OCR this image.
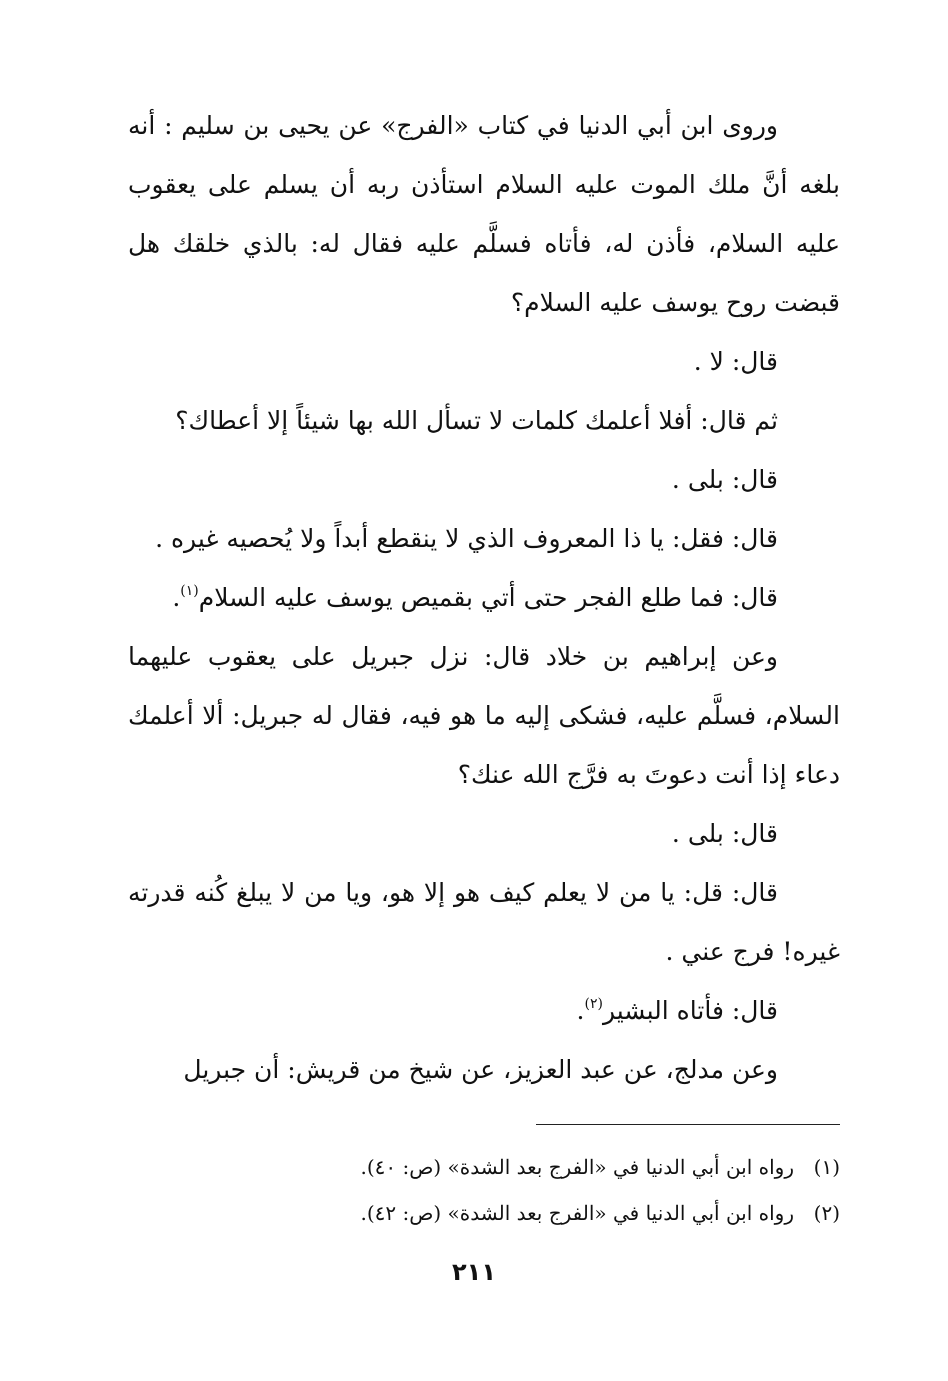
وروى ابن أبي الدنيا في كتاب «الفرج» عن يحيى بن سليم : أنه بلغه أنَّ ملك الموت عليه السلام استأذن ربه أن يسلم على يعقوب عليه السلام، فأذن له، فأتاه فسلَّم عليه فقال له: بالذي خلقك هل قبضت روح يوسف عليه السلام؟

قال: لا .

ثم قال: أفلا أعلمك كلمات لا تسأل الله بها شيئاً إلا أعطاك؟

قال: بلى .

قال: فقل: يا ذا المعروف الذي لا ينقطع أبداً ولا يُحصيه غيره .

قال: فما طلع الفجر حتى أتي بقميص يوسف عليه السلام$^{(١)}$.

وعن إبراهيم بن خلاد قال: نزل جبريل على يعقوب عليهما السلام، فسلَّم عليه، فشكى إليه ما هو فيه، فقال له جبريل: ألا أعلمك دعاء إذا أنت دعوتَ به فرَّج الله عنك؟

قال: بلى .

قال: قل: يا من لا يعلم كيف هو إلا هو، ويا من لا يبلغ كُنه قدرته غيره! فرج عني .

قال: فأتاه البشير$^{(٢)}$.

وعن مدلج، عن عبد العزيز، عن شيخ من قريش: أن جبريل

(١)رواه ابن أبي الدنيا في «الفرج بعد الشدة» (ص: ٤٠).

(٢)رواه ابن أبي الدنيا في «الفرج بعد الشدة» (ص: ٤٢).

٢١١
